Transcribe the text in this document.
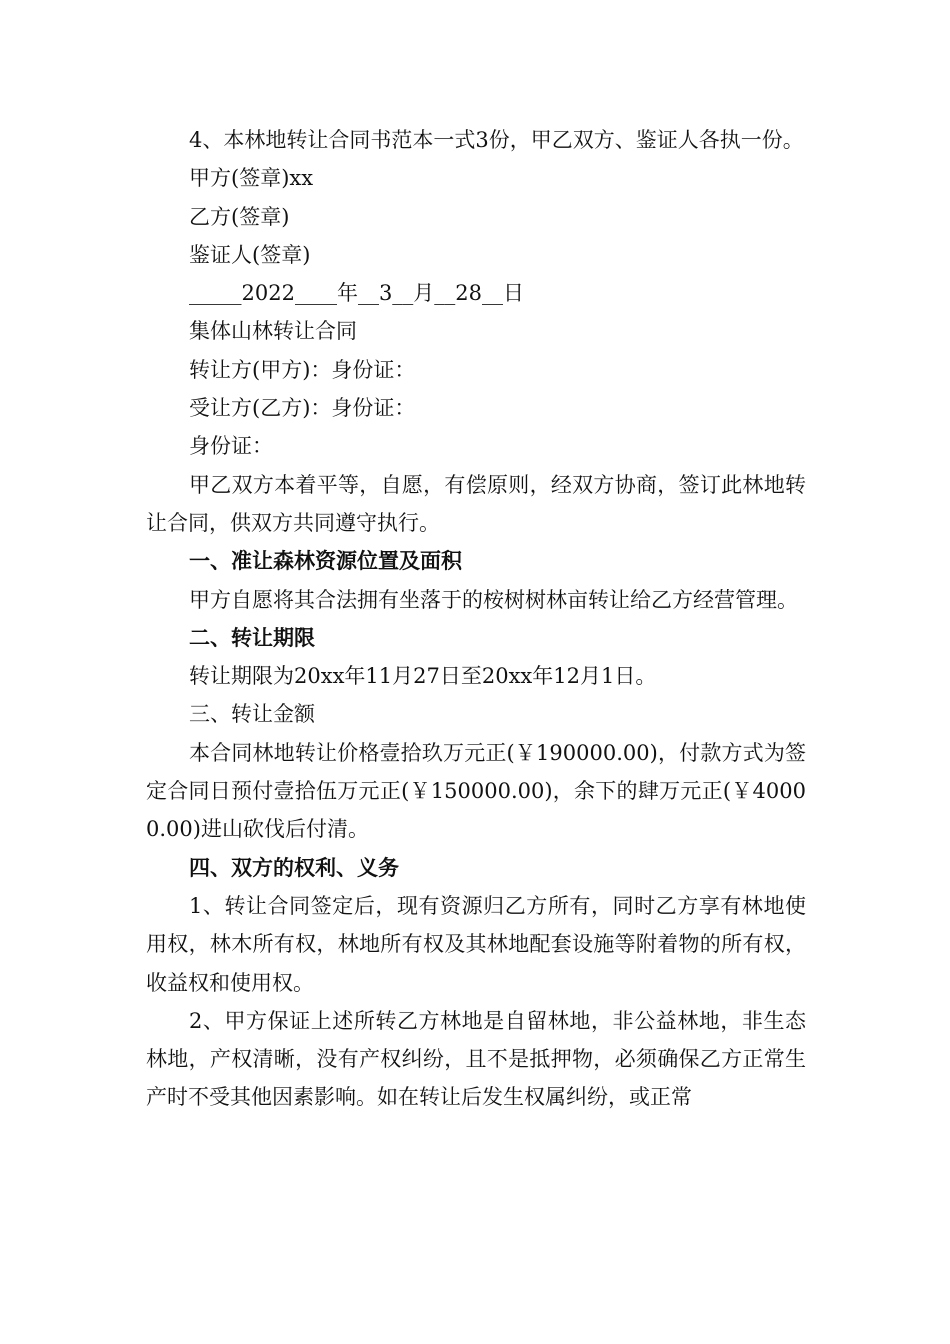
4、本林地转让合同书范本一式3份，甲乙双方、鉴证人各执一份。

甲方(签章)xx

乙方(签章)

鉴证人(签章)

_____2022____年__3__月__28__日

集体山林转让合同

转让方(甲方)：身份证：

受让方(乙方)：身份证：

身份证：

甲乙双方本着平等，自愿，有偿原则，经双方协商，签订此林地转让合同，供双方共同遵守执行。

一、准让森林资源位置及面积

甲方自愿将其合法拥有坐落于的桉树树林亩转让给乙方经营管理。

二、转让期限

转让期限为20xx年11月27日至20xx年12月1日。

三、转让金额

本合同林地转让价格壹拾玖万元正(￥190000.00)，付款方式为签定合同日预付壹拾伍万元正(￥150000.00)，余下的肆万元正(￥40000.00)进山砍伐后付清。

四、双方的权利、义务

1、转让合同签定后，现有资源归乙方所有，同时乙方享有林地使用权，林木所有权，林地所有权及其林地配套设施等附着物的所有权，收益权和使用权。

2、甲方保证上述所转乙方林地是自留林地，非公益林地，非生态林地，产权清晰，没有产权纠纷，且不是抵押物，必须确保乙方正常生产时不受其他因素影响。如在转让后发生权属纠纷，或正常
